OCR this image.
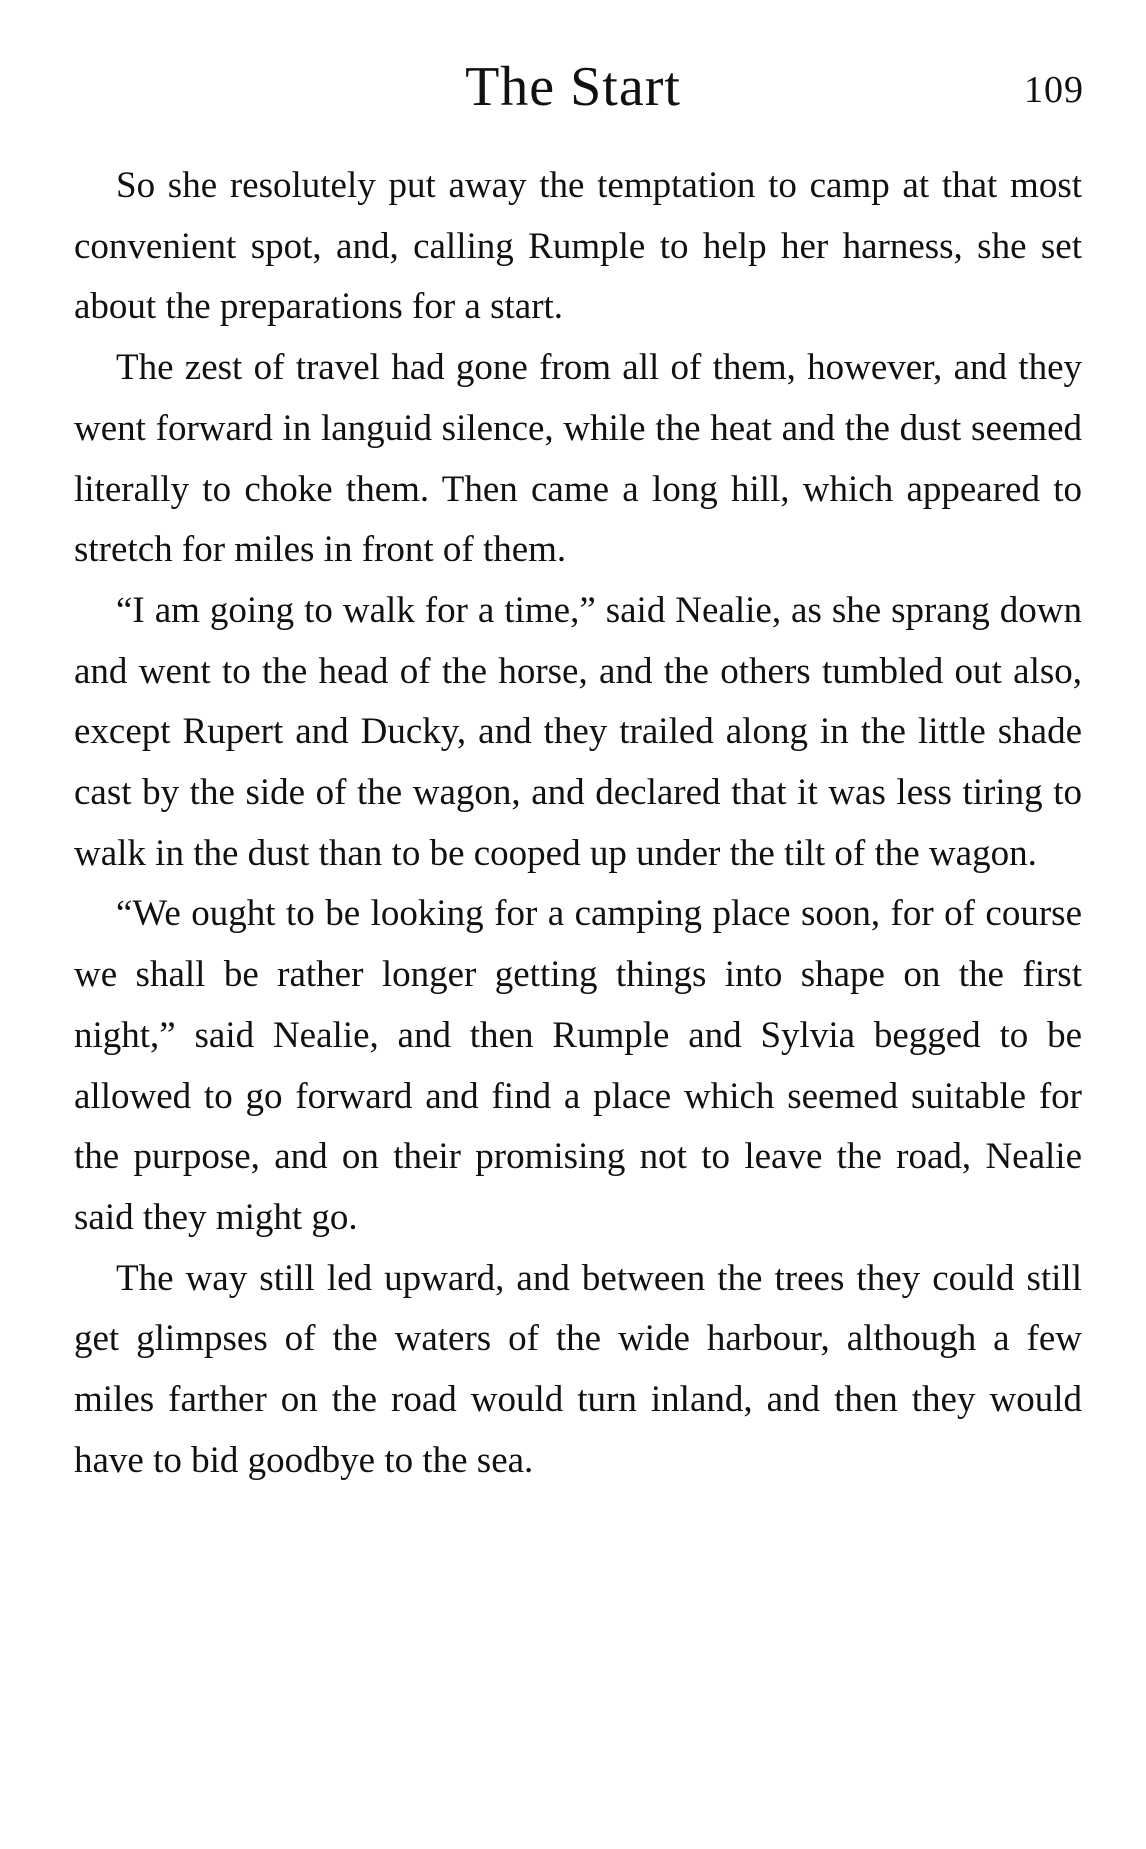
The Start	109

So she resolutely put away the temptation to camp at that most convenient spot, and, calling Rumple to help her harness, she set about the preparations for a start.

The zest of travel had gone from all of them, however, and they went forward in languid silence, while the heat and the dust seemed literally to choke them. Then came a long hill, which appeared to stretch for miles in front of them.

“I am going to walk for a time,” said Nealie, as she sprang down and went to the head of the horse, and the others tumbled out also, except Rupert and Ducky, and they trailed along in the little shade cast by the side of the wagon, and declared that it was less tiring to walk in the dust than to be cooped up under the tilt of the wagon.

“We ought to be looking for a camping place soon, for of course we shall be rather longer getting things into shape on the first night,” said Nealie, and then Rumple and Sylvia begged to be allowed to go forward and find a place which seemed suitable for the purpose, and on their promising not to leave the road, Nealie said they might go.

The way still led upward, and between the trees they could still get glimpses of the waters of the wide harbour, although a few miles farther on the road would turn inland, and then they would have to bid goodbye to the sea.
